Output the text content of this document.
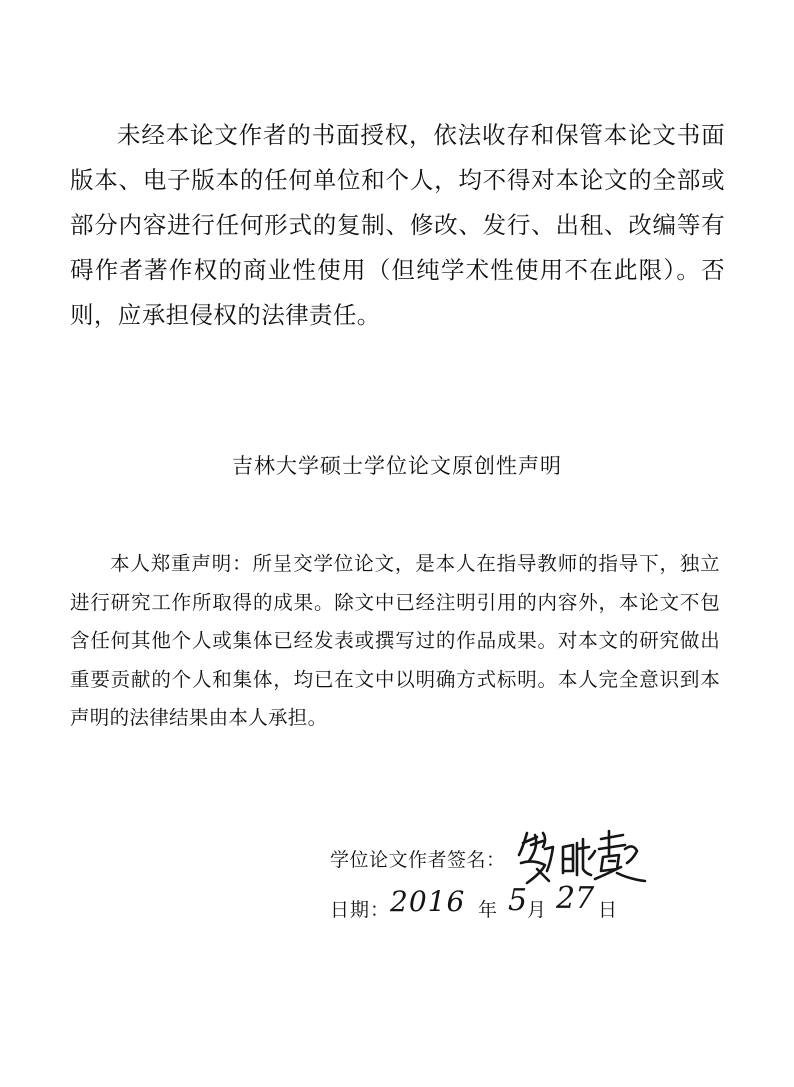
未经本论文作者的书面授权，依法收存和保管本论文书面版本、电子版本的任何单位和个人，均不得对本论文的全部或部分内容进行任何形式的复制、修改、发行、出租、改编等有碍作者著作权的商业性使用（但纯学术性使用不在此限）。否则，应承担侵权的法律责任。

吉林大学硕士学位论文原创性声明

本人郑重声明：所呈交学位论文，是本人在指导教师的指导下，独立进行研究工作所取得的成果。除文中已经注明引用的内容外，本论文不包含任何其他个人或集体已经发表或撰写过的作品成果。对本文的研究做出重要贡献的个人和集体，均已在文中以明确方式标明。本人完全意识到本声明的法律结果由本人承担。

学位论文作者签名：
日期： 2016 年 5 月 27 日
